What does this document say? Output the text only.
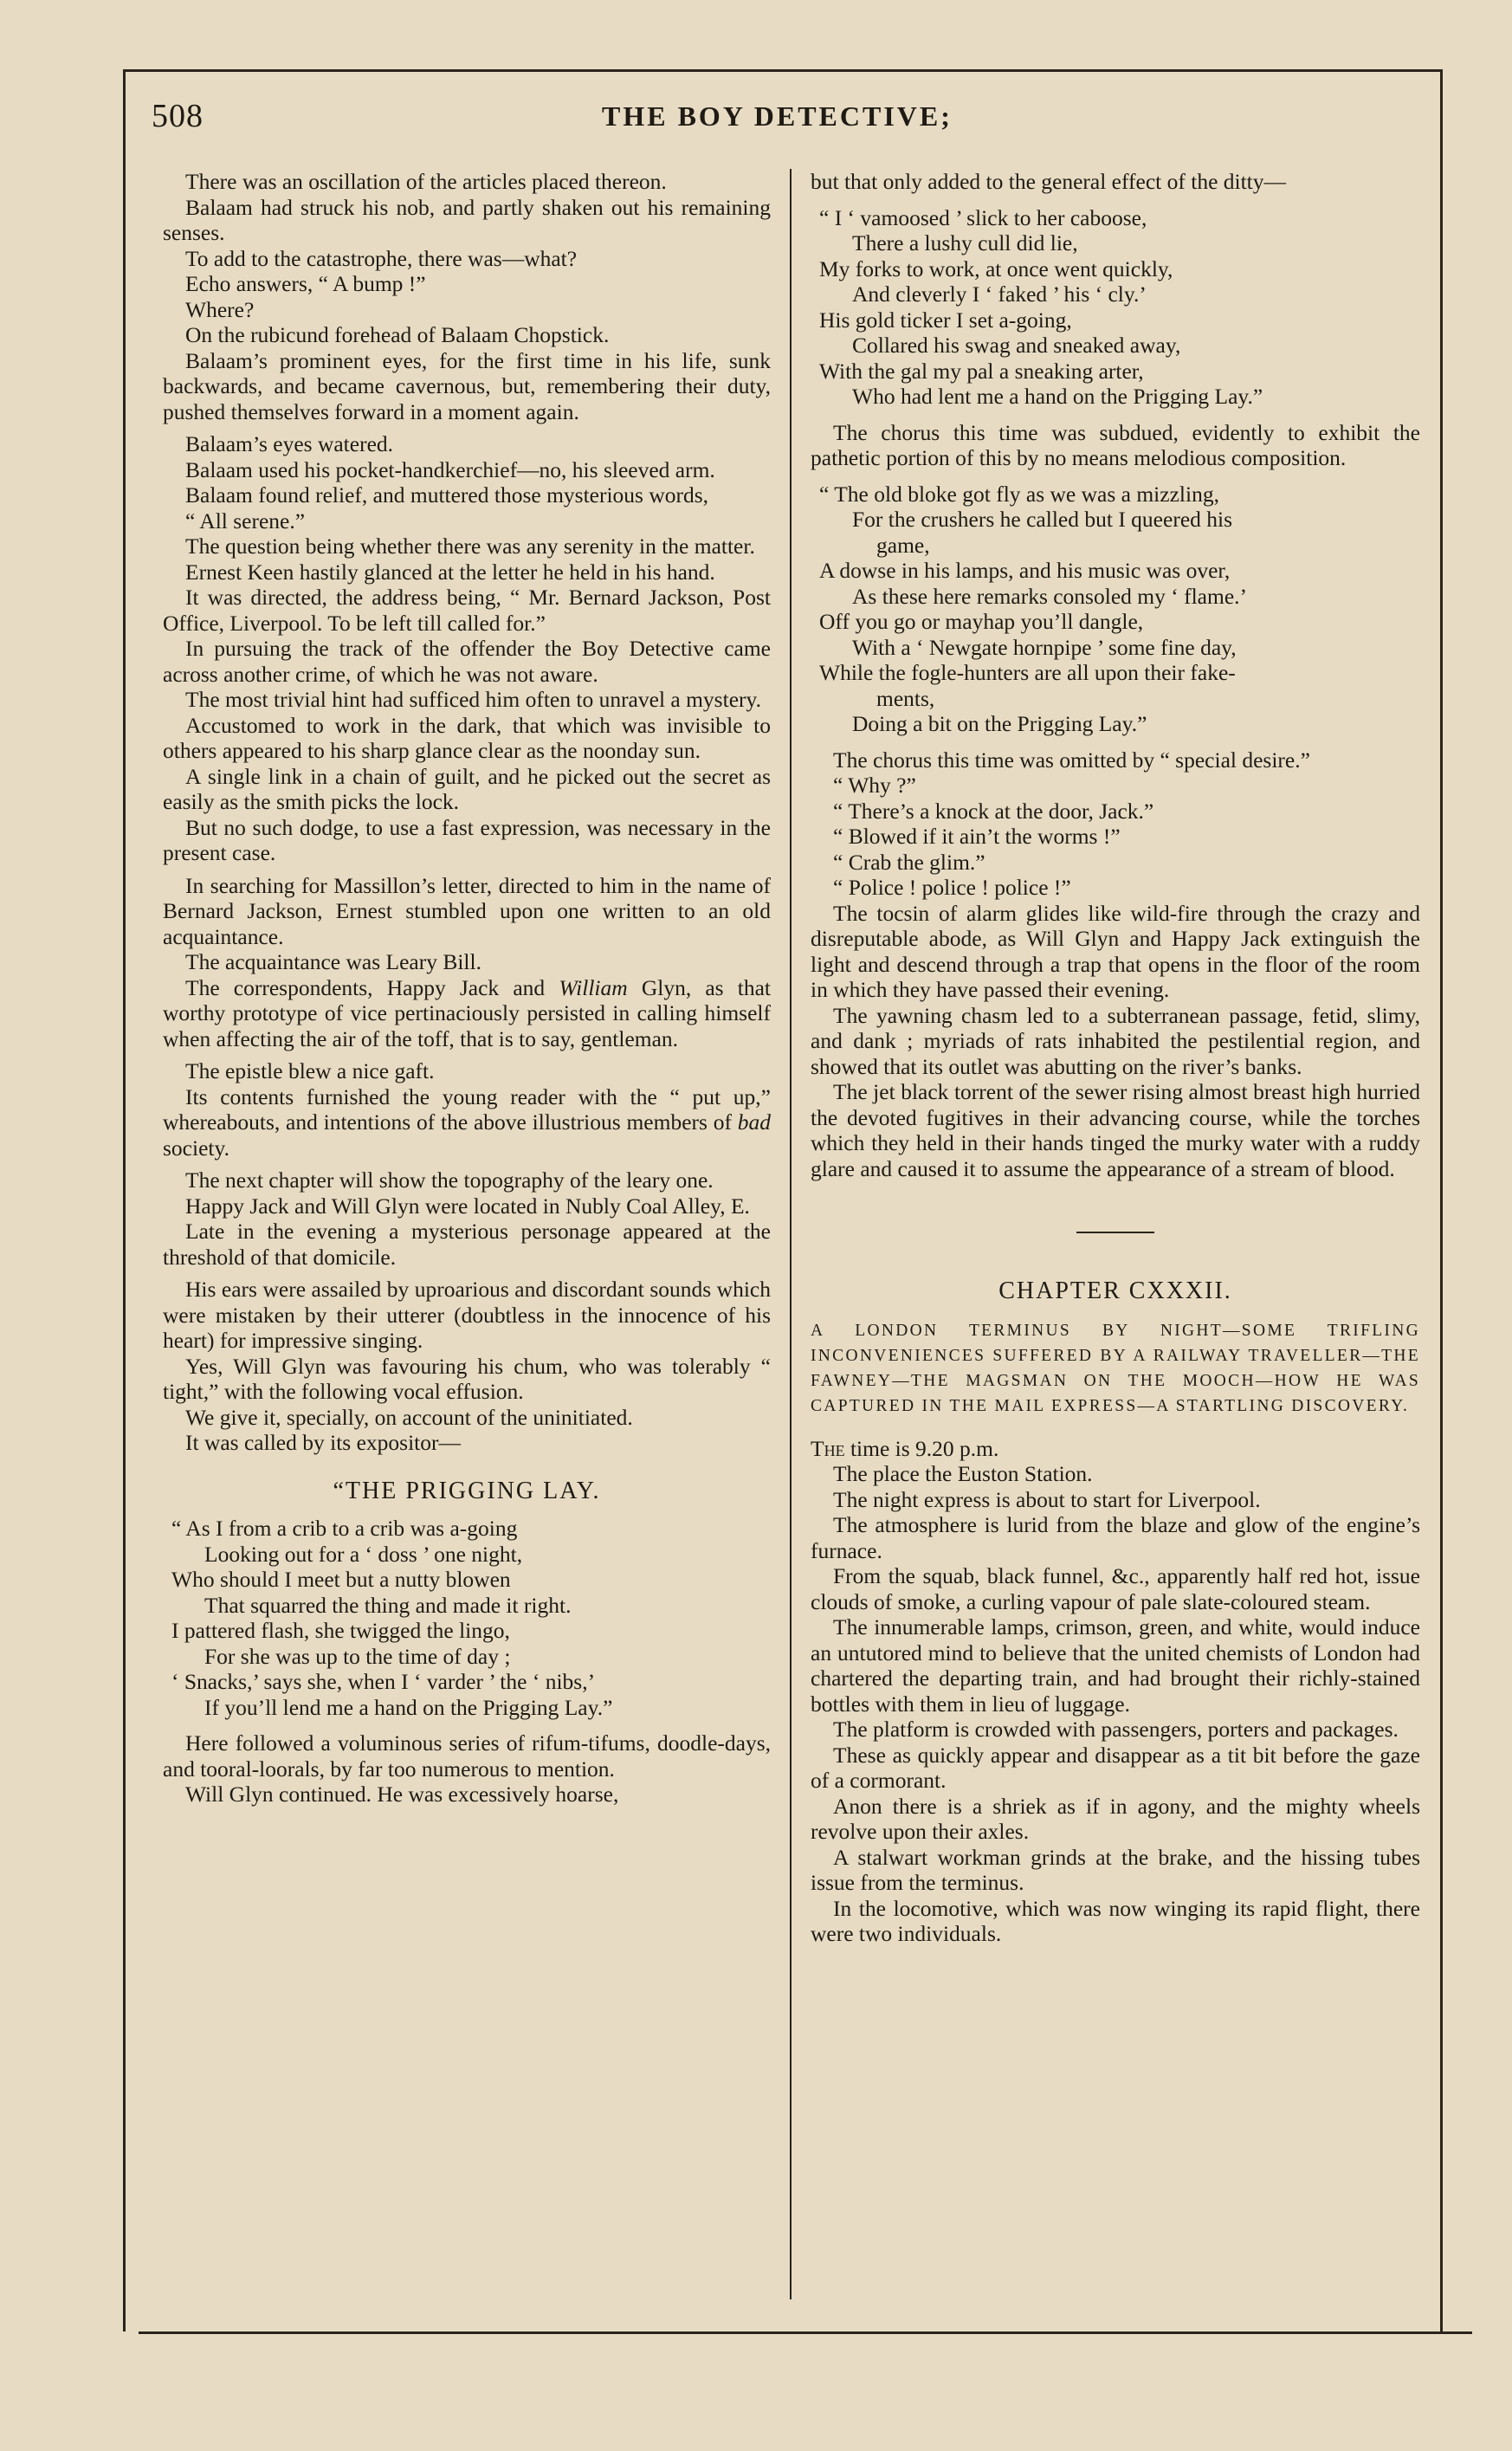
508	THE BOY DETECTIVE;

There was an oscillation of the articles placed thereon.

Balaam had struck his nob, and partly shaken out his remaining senses.

To add to the catastrophe, there was—what?

Echo answers, “ A bump !”

Where?

On the rubicund forehead of Balaam Chopstick.

Balaam’s prominent eyes, for the first time in his life, sunk backwards, and became cavernous, but, remembering their duty, pushed themselves forward in a moment again.

Balaam’s eyes watered.

Balaam used his pocket-handkerchief—no, his sleeved arm.

Balaam found relief, and muttered those mysterious words,

“ All serene.”

The question being whether there was any serenity in the matter.

Ernest Keen hastily glanced at the letter he held in his hand.

It was directed, the address being, “ Mr. Bernard Jackson, Post Office, Liverpool. To be left till called for.”

In pursuing the track of the offender the Boy Detective came across another crime, of which he was not aware.

The most trivial hint had sufficed him often to unravel a mystery.

Accustomed to work in the dark, that which was invisible to others appeared to his sharp glance clear as the noonday sun.

A single link in a chain of guilt, and he picked out the secret as easily as the smith picks the lock.

But no such dodge, to use a fast expression, was necessary in the present case.

In searching for Massillon’s letter, directed to him in the name of Bernard Jackson, Ernest stumbled upon one written to an old acquaintance.

The acquaintance was Leary Bill.

The correspondents, Happy Jack and William Glyn, as that worthy prototype of vice pertinaciously persisted in calling himself when affecting the air of the toff, that is to say, gentleman.

The epistle blew a nice gaft.

Its contents furnished the young reader with the “ put up,” whereabouts, and intentions of the above illustrious members of bad society.

The next chapter will show the topography of the leary one.

Happy Jack and Will Glyn were located in Nubly Coal Alley, E.

Late in the evening a mysterious personage appeared at the threshold of that domicile.

His ears were assailed by uproarious and discordant sounds which were mistaken by their utterer (doubtless in the innocence of his heart) for impressive singing.

Yes, Will Glyn was favouring his chum, who was tolerably “ tight,” with the following vocal effusion.

We give it, specially, on account of the uninitiated.

It was called by its expositor—

“THE PRIGGING LAY.
“ As I from a crib to a crib was a-going
Looking out for a ‘ doss ’ one night,
Who should I meet but a nutty blowen
That squarred the thing and made it right.
I pattered flash, she twigged the lingo,
For she was up to the time of day ;
‘ Snacks,’ says she, when I ‘ varder ’ the ‘ nibs,’
If you’ll lend me a hand on the Prigging Lay.”

Here followed a voluminous series of rifum-tifums, doodle-days, and tooral-loorals, by far too numerous to mention.

Will Glyn continued. He was excessively hoarse,

but that only added to the general effect of the ditty—

“ I ‘ vamoosed ’ slick to her caboose,
There a lushy cull did lie,
My forks to work, at once went quickly,
And cleverly I ‘ faked ’ his ‘ cly.’
His gold ticker I set a-going,
Collared his swag and sneaked away,
With the gal my pal a sneaking arter,
Who had lent me a hand on the Prigging Lay.”

The chorus this time was subdued, evidently to exhibit the pathetic portion of this by no means melodious composition.

“ The old bloke got fly as we was a mizzling,
For the crushers he called but I queered his
game,
A dowse in his lamps, and his music was over,
As these here remarks consoled my ‘ flame.’
Off you go or mayhap you’ll dangle,
With a ‘ Newgate hornpipe ’ some fine day,
While the fogle-hunters are all upon their fake-
ments,
Doing a bit on the Prigging Lay.”

The chorus this time was omitted by “ special desire.”

“ Why ?”

“ There’s a knock at the door, Jack.”

“ Blowed if it ain’t the worms !”

“ Crab the glim.”

“ Police ! police ! police !”

The tocsin of alarm glides like wild-fire through the crazy and disreputable abode, as Will Glyn and Happy Jack extinguish the light and descend through a trap that opens in the floor of the room in which they have passed their evening.

The yawning chasm led to a subterranean passage, fetid, slimy, and dank ; myriads of rats inhabited the pestilential region, and showed that its outlet was abutting on the river’s banks.

The jet black torrent of the sewer rising almost breast high hurried the devoted fugitives in their advancing course, while the torches which they held in their hands tinged the murky water with a ruddy glare and caused it to assume the appearance of a stream of blood.

CHAPTER CXXXII.
A LONDON TERMINUS BY NIGHT—SOME TRIFLING INCONVENIENCES SUFFERED BY A RAILWAY TRAVELLER—THE FAWNEY—THE MAGSMAN ON THE MOOCH—HOW HE WAS CAPTURED IN THE MAIL EXPRESS—A STARTLING DISCOVERY.

The time is 9.20 p.m.

The place the Euston Station.

The night express is about to start for Liverpool.

The atmosphere is lurid from the blaze and glow of the engine’s furnace.

From the squab, black funnel, &c., apparently half red hot, issue clouds of smoke, a curling vapour of pale slate-coloured steam.

The innumerable lamps, crimson, green, and white, would induce an untutored mind to believe that the united chemists of London had chartered the departing train, and had brought their richly-stained bottles with them in lieu of luggage.

The platform is crowded with passengers, porters and packages.

These as quickly appear and disappear as a tit bit before the gaze of a cormorant.

Anon there is a shriek as if in agony, and the mighty wheels revolve upon their axles.

A stalwart workman grinds at the brake, and the hissing tubes issue from the terminus.

In the locomotive, which was now winging its rapid flight, there were two individuals.
